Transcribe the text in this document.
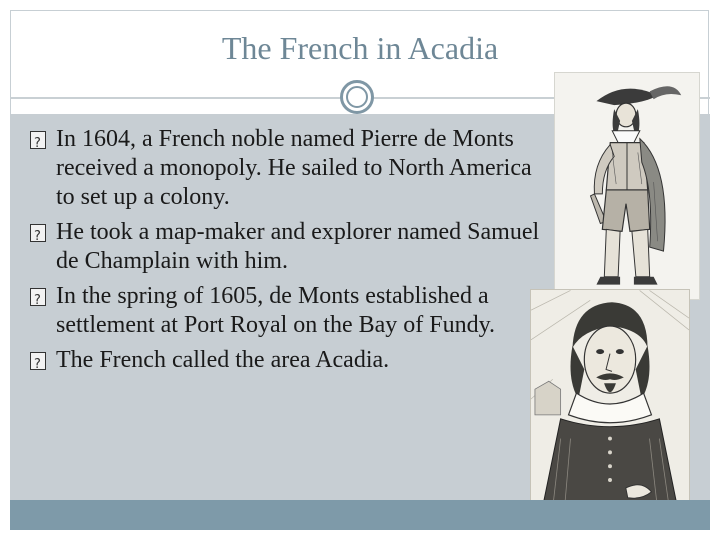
The French in Acadia
?
In 1604, a French noble named Pierre de Monts received a monopoly. He sailed to North America to set up a colony.
?
He took a map-maker and explorer named Samuel de Champlain with him.
?
In the spring of 1605, de Monts established a settlement at Port Royal on the Bay of Fundy.
?
The French called the area Acadia.
